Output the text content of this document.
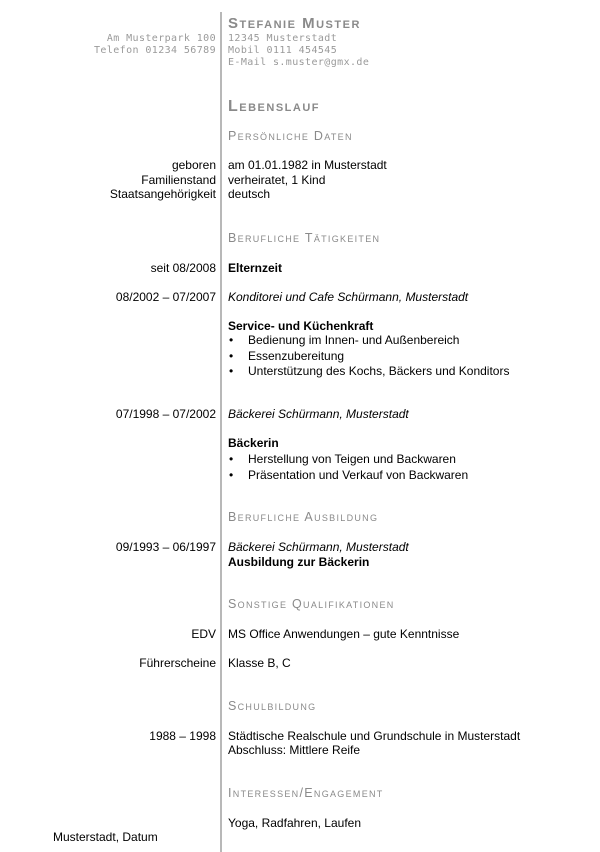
Am Musterpark 100
Telefon 01234 56789
Stefanie Muster
12345 Musterstadt
Mobil 0111 454545
E-Mail s.muster@gmx.de
Lebenslauf
Persönliche Daten
geboren
Familienstand
Staatsangehörigkeit
am 01.01.1982 in Musterstadt
verheiratet, 1 Kind
deutsch
Berufliche Tätigkeiten
seit 08/2008 Elternzeit
08/2002 – 07/2007 Konditorei und Cafe Schürmann, Musterstadt
Service- und Küchenkraft
• Bedienung im Innen- und Außenbereich
• Essenzubereitung
• Unterstützung des Kochs, Bäckers und Konditors
07/1998 – 07/2002 Bäckerei Schürmann, Musterstadt
Bäckerin
• Herstellung von Teigen und Backwaren
• Präsentation und Verkauf von Backwaren
Berufliche Ausbildung
09/1993 – 06/1997 Bäckerei Schürmann, Musterstadt
Ausbildung zur Bäckerin
Sonstige Qualifikationen
EDV MS Office Anwendungen – gute Kenntnisse
Führerscheine Klasse B, C
Schulbildung
1988 – 1998 Städtische Realschule und Grundschule in Musterstadt
Abschluss: Mittlere Reife
Interessen/Engagement
Yoga, Radfahren, Laufen
Musterstadt, Datum
